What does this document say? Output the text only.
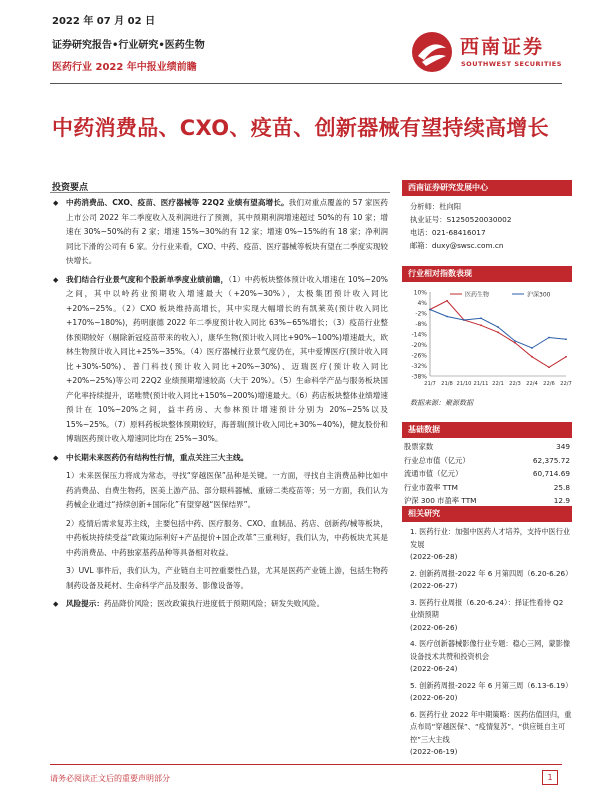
2022 年 07 月 02 日
证券研究报告•行业研究•医药生物
医药行业 2022 年中报业绩前瞻
西南证券
SOUTHWEST SECURITIES
中药消费品、CXO、疫苗、创新器械有望持续高增长
投资要点
◆ 中药消费品、CXO、疫苗、医疗器械等 22Q2 业绩有望高增长。我们对重点覆盖的 57 家医药上市公司 2022 年二季度收入及利润进行了预测，其中预期利润增速超过 50%的有 10 家；增速在 30%~50%的有 2 家；增速 15%~30%的有 12 家；增速 0%~15%的有 18 家；净利润同比下滑的公司有 6 家。分行业来看，CXO、中药、疫苗、医疗器械等板块有望在二季度实现较快增长。
◆ 我们结合行业景气度和个股新单季度业绩前瞻，（1）中药板块整体预计收入增速在 10%~20%之间，其中以岭药业预期收入增速最大（+20%~30%），太极集团预计收入同比+20%~25%。（2）CXO 板块维持高增长，其中实现大幅增长的有凯莱英(预计收入同比+170%~180%)，药明康德 2022 年二季度预计收入同比 63%~65%增长；（3）疫苗行业整体预期较好（剔除新冠疫苗带来的收入），康华生物(预计收入同比+90%~100%)增速最大，欧林生物预计收入同比+25%~35%。（4）医疗器械行业景气度仍在，其中爱博医疗(预计收入同比+30%-50%)、普门科技(预计收入同比+20%~30%)、迈瑞医疗(预计收入同比+20%~25%)等公司 22Q2 业绩预期增速较高（大于 20%）。（5）生命科学产品与服务板块国产化率持续提升，诺唯赞(预计收入同比+150%~200%)增速最大。（6）药店板块整体业绩增速预计在 10%~20%之间，益丰药房、大参林预计增速预计分别为 20%~25%以及 15%~25%。（7）原料药板块整体预期较好，海普瑞(预计收入同比+30%~40%)，健友股份和博瑞医药预计收入增速同比均在 25%~30%。
◆ 中长期未来医药仍有结构性行情，重点关注三大主线。
1）未来医保压力将成为常态，寻找“穿越医保”品种是关键。一方面，寻找自主消费品种比如中药消费品、自费生物药，医美上游产品、部分眼科器械、重磅二类疫苗等；另一方面，我们认为药械企业通过“持续创新+国际化”有望穿越“医保结界”。
2）疫情后需求复苏主线，主要包括中药、医疗服务、CXO、血制品、药店、创新药/械等板块，中药板块持续受益“政策边际利好+产品提价+国企改革”三重利好，我们认为，中药板块尤其是中药消费品、中药独家基药品种等具备相对收益。
3）UVL 事件后，我们认为，产业链自主可控重要性凸显，尤其是医药产业链上游，包括生物药制药设备及耗材、生命科学产品及服务、影像设备等。
◆ 风险提示：药品降价风险；医改政策执行进度低于预期风险；研发失败风险。
西南证券研究发展中心
分析师：杜向阳
执业证号：S1250520030002
电话：021-68416017
邮箱：duxy@swsc.com.cn
行业相对指数表现
10%
4%
-2%
-8%
-14%
-20%
-26%
-32%
-38%
21/7 21/8 21/10 21/11 22/1 22/3 22/4 22/6 22/7
医药生物	沪深300
数据来源：聚源数据
基础数据
股票家数	349
行业总市值（亿元）	62,375.72
流通市值（亿元）	60,714.69
行业市盈率 TTM	25.8
沪深 300 市盈率 TTM	12.9
相关研究
1. 医药行业：加强中医药人才培养，支持中医行业发展
(2022-06-28)
2. 创新药周报-2022 年 6 月第四周（6.20-6.26）
(2022-06-27)
3. 医药行业周报（6.20-6.24）：择证性看待 Q2 业绩预期
(2022-06-26)
4. 医疗创新器械影像行业专题：稳心三网，蒙影像设备技术共赞和投资机会
(2022-06-24)
5. 创新药周报-2022 年 6 月第三周（6.13-6.19）
(2022-06-20)
6. 医药行业 2022 年中期策略：医药估值回归，重点布局“穿越医保”、“疫情复苏”、“供应链自主可控”三大主线
(2022-06-19)
请务必阅读正文后的重要声明部分	1
